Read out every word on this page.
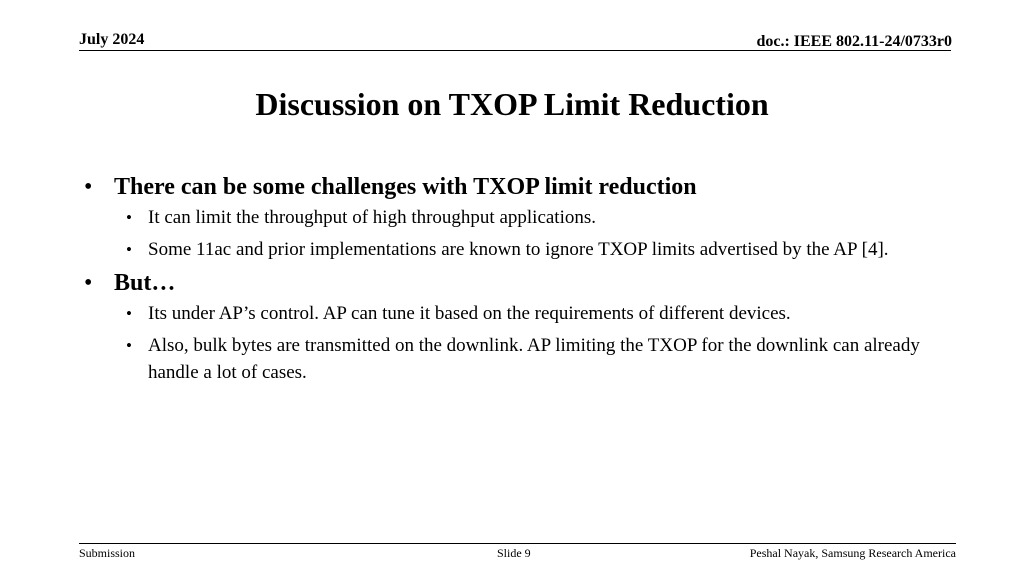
July 2024	doc.: IEEE 802.11-24/0733r0
Discussion on TXOP Limit Reduction
• There can be some challenges with TXOP limit reduction
• It can limit the throughput of high throughput applications.
• Some 11ac and prior implementations are known to ignore TXOP limits advertised by the AP [4].
• But…
• Its under AP’s control. AP can tune it based on the requirements of different devices.
• Also, bulk bytes are transmitted on the downlink. AP limiting the TXOP for the downlink can already handle a lot of cases.
Submission	Slide 9	Peshal Nayak, Samsung Research America
